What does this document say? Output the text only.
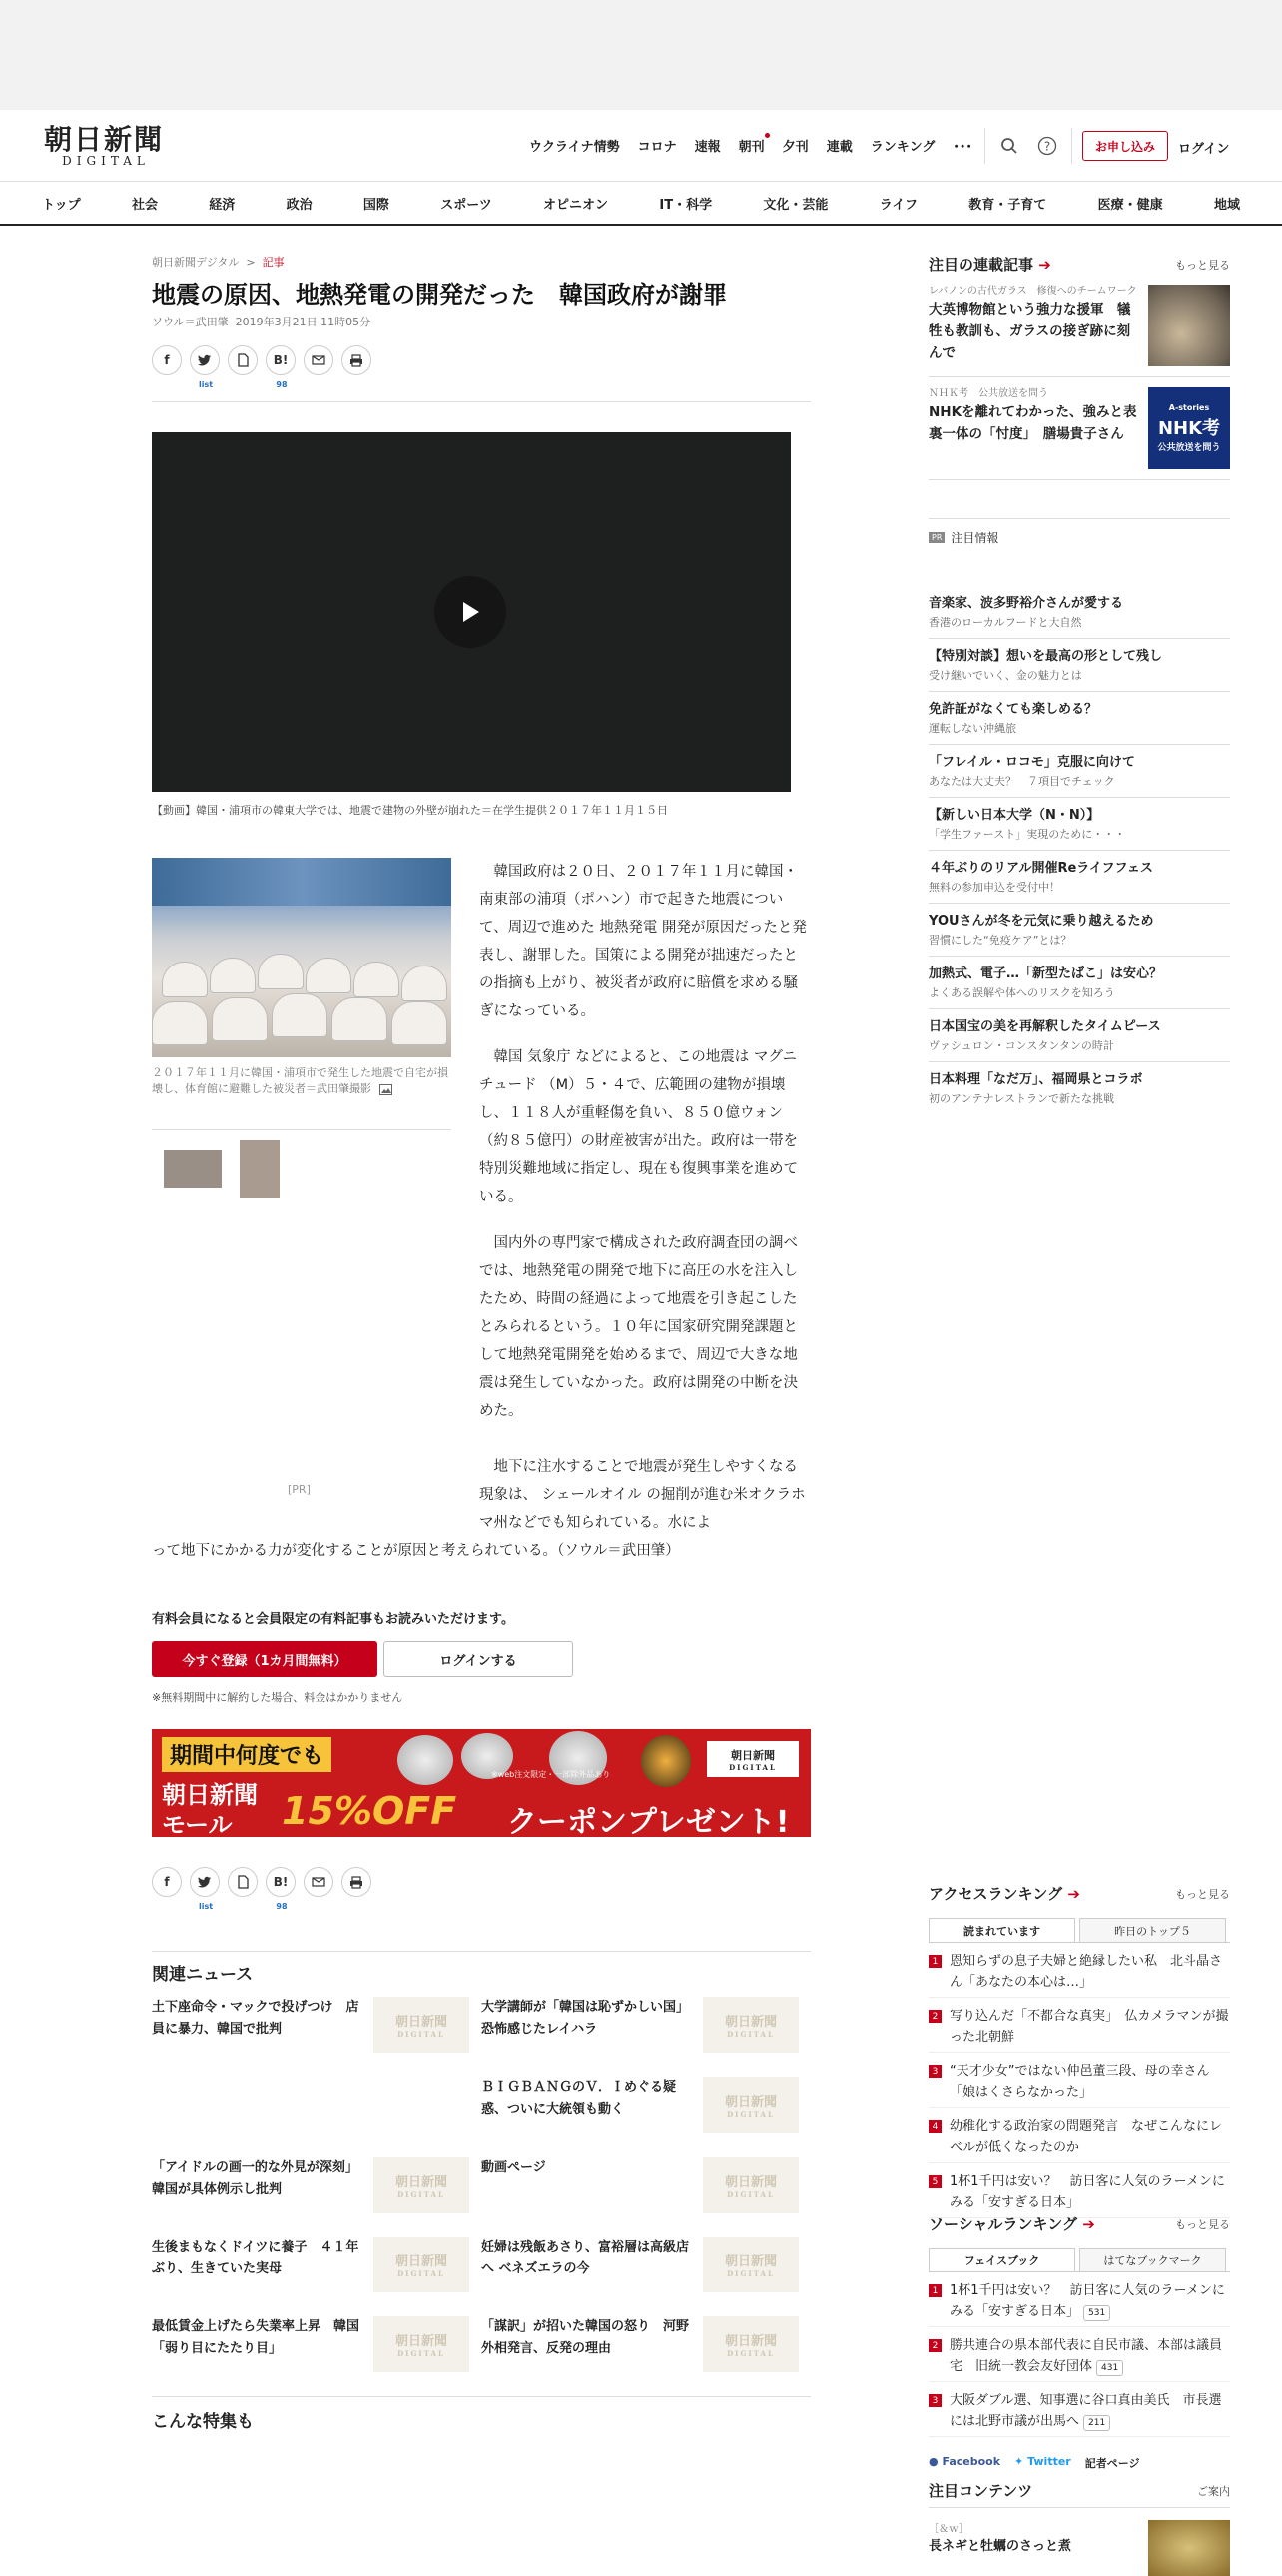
朝日新聞
DIGITAL
ウクライナ情勢 コロナ 速報 朝刊 夕刊 連載 ランキング ･･･	?	お申し込み	ログイン
トップ	社会	経済	政治	国際	スポーツ	オピニオン	IT・科学	文化・芸能	ライフ	教育・子育て	医療・健康	地域
朝日新聞デジタル  >  記事
地震の原因、地熱発電の開発だった　韓国政府が謝罪
ソウル＝武田肇 2019年3月21日 11時05分
f
list
B!
98
【動画】韓国・浦項市の韓東大学では、地震で建物の外壁が崩れた＝在学生提供２０１７年１１月１５日
２０１７年１１月に韓国・浦項市で発生した地震で自宅が損壊し、体育館に避難した被災者＝武田肇撮影
[PR]

韓国政府は２０日、２０１７年１１月に韓国・南東部の浦項（ポハン）市で起きた地震について、周辺で進めた 地熱発電 開発が原因だったと発表し、謝罪した。国策による開発が拙速だったとの指摘も上がり、被災者が政府に賠償を求める騒ぎになっている。

韓国 気象庁 などによると、この地震は マグニチュード （M）５・４で、広範囲の建物が損壊し、１１８人が重軽傷を負い、８５０億ウォン（約８５億円）の財産被害が出た。政府は一帯を特別災難地域に指定し、現在も復興事業を進めている。

国内外の専門家で構成された政府調査団の調べでは、地熱発電の開発で地下に高圧の水を注入したため、時間の経過によって地震を引き起こしたとみられるという。１０年に国家研究開発課題として地熱発電開発を始めるまで、周辺で大きな地震は発生していなかった。政府は開発の中断を決めた。

地下に注水することで地震が発生しやすくなる現象は、 シェールオイル の掘削が進む米オクラホマ州などでも知られている。水によ
って地下にかかる力が変化することが原因と考えられている。（ソウル＝武田肇）
有料会員になると会員限定の有料記事もお読みいただけます。
今すぐ登録（1カ月間無料）	ログインする
※無料期間中に解約した場合、料金はかかりません
期間中何度でも
朝日新聞
モール 15%OFF
※web注文限定・一部除外品あり
クーポンプレゼント!
朝日新聞
DIGITAL
f
list
B!
98
関連ニュース
土下座命令・マックで投げつけ　店員に暴力、韓国で批判	朝日新聞
DIGITAL
大学講師が「韓国は恥ずかしい国」　恐怖感じたレイハラ	朝日新聞
DIGITAL
ＢＩＧＢＡＮＧのＶ．Ｉめぐる疑惑、ついに大統領も動く	朝日新聞
DIGITAL
「アイドルの画一的な外見が深刻」韓国が具体例示し批判	朝日新聞
DIGITAL
動画ページ
朝日新聞
DIGITAL
生後まもなくドイツに養子　４１年ぶり、生きていた実母	朝日新聞
DIGITAL
妊婦は残飯あさり、富裕層は高級店へ ベネズエラの今	朝日新聞
DIGITAL
最低賃金上げたら失業率上昇　韓国「弱り目にたたり目」	朝日新聞
DIGITAL
「謀訳」が招いた韓国の怒り　河野外相発言、反発の理由	朝日新聞
DIGITAL
こんな特集も
注目の連載記事 ➔	もっと見る
レバノンの古代ガラス　修復へのチームワーク
大英博物館という強力な援軍　犠牲も教訓も、ガラスの接ぎ跡に刻んで
ＮＨＫ考　公共放送を問う
NHKを離れてわかった、強みと表裏一体の「忖度」　膳場貴子さん
A-stories
NHK考
公共放送を問う
PR 注目情報
音楽家、波多野裕介さんが愛する
香港のローカルフードと大自然
【特別対談】想いを最高の形として残し
受け継いでいく、金の魅力とは
免許証がなくても楽しめる？
運転しない沖縄旅
「フレイル・ロコモ」克服に向けて
あなたは大丈夫？　７項目でチェック
【新しい日本大学（N・N）】
「学生ファースト」実現のために・・・
４年ぶりのリアル開催Reライフフェス
無料の参加申込を受付中！
YOUさんが冬を元気に乗り越えるため
習慣にした“免疫ケア”とは？
加熱式、電子…「新型たばこ」は安心？
よくある誤解や体へのリスクを知ろう
日本国宝の美を再解釈したタイムピース
ヴァシュロン・コンスタンタンの時計
日本料理「なだ万」、福岡県とコラボ
初のアンテナレストランで新たな挑戦
アクセスランキング ➔	もっと見る
読まれています	昨日のトップ５
1 恩知らずの息子夫婦と絶縁したい私　北斗晶さん「あなたの本心は…」
2 写り込んだ「不都合な真実」　仏カメラマンが撮った北朝鮮
3 “天才少女”ではない仲邑董三段、母の幸さん「娘はくさらなかった」
4 幼稚化する政治家の問題発言　なぜこんなにレベルが低くなったのか
5 1杯1千円は安い？　訪日客に人気のラーメンにみる「安すぎる日本」
ソーシャルランキング ➔	もっと見る
フェイスブック	はてなブックマーク
1 1杯1千円は安い？　訪日客に人気のラーメンにみる「安すぎる日本」 531
2 勝共連合の県本部代表に自民市議、本部は議員宅　旧統一教会友好団体 431
3 大阪ダブル選、知事選に谷口真由美氏　市長選には北野市議が出馬へ 211
● Facebook ✦ Twitter 記者ページ
注目コンテンツ	ご案内
［＆ｗ］
長ネギと牡蠣のさっと煮
